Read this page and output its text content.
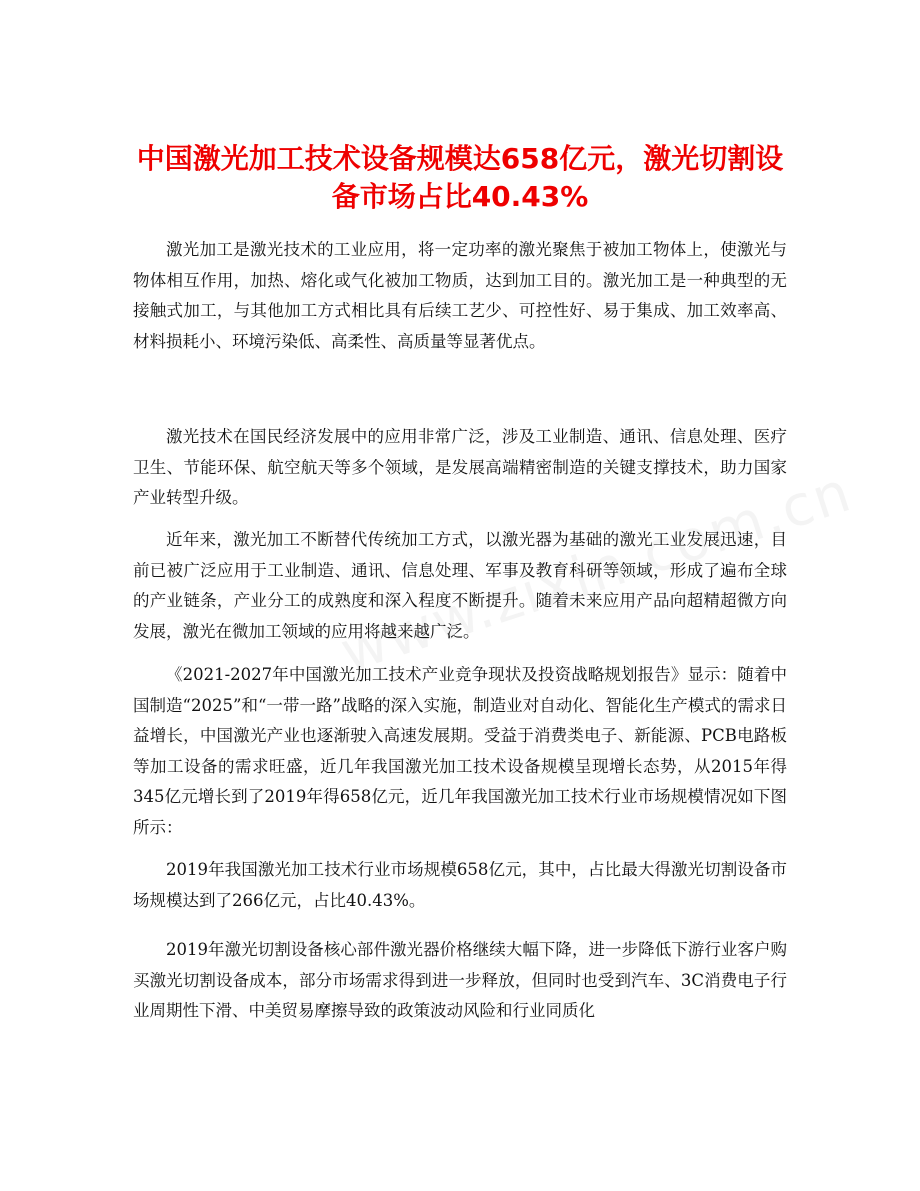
中国激光加工技术设备规模达658亿元，激光切割设备市场占比40.43%

激光加工是激光技术的工业应用，将一定功率的激光聚焦于被加工物体上，使激光与物体相互作用，加热、熔化或气化被加工物质，达到加工目的。激光加工是一种典型的无接触式加工，与其他加工方式相比具有后续工艺少、可控性好、易于集成、加工效率高、材料损耗小、环境污染低、高柔性、高质量等显著优点。

激光技术在国民经济发展中的应用非常广泛，涉及工业制造、通讯、信息处理、医疗卫生、节能环保、航空航天等多个领域，是发展高端精密制造的关键支撑技术，助力国家产业转型升级。

近年来，激光加工不断替代传统加工方式，以激光器为基础的激光工业发展迅速，目前已被广泛应用于工业制造、通讯、信息处理、军事及教育科研等领域，形成了遍布全球的产业链条，产业分工的成熟度和深入程度不断提升。随着未来应用产品向超精超微方向发展，激光在微加工领域的应用将越来越广泛。

《2021-2027年中国激光加工技术产业竞争现状及投资战略规划报告》显示：随着中国制造“2025”和“一带一路”战略的深入实施，制造业对自动化、智能化生产模式的需求日益增长，中国激光产业也逐渐驶入高速发展期。受益于消费类电子、新能源、PCB电路板等加工设备的需求旺盛，近几年我国激光加工技术设备规模呈现增长态势，从2015年得345亿元增长到了2019年得658亿元，近几年我国激光加工技术行业市场规模情况如下图所示：

2019年我国激光加工技术行业市场规模658亿元，其中，占比最大得激光切割设备市场规模达到了266亿元，占比40.43%。

2019年激光切割设备核心部件激光器价格继续大幅下降，进一步降低下游行业客户购买激光切割设备成本，部分市场需求得到进一步释放，但同时也受到汽车、3C消费电子行业周期性下滑、中美贸易摩擦导致的政策波动风险和行业同质化
